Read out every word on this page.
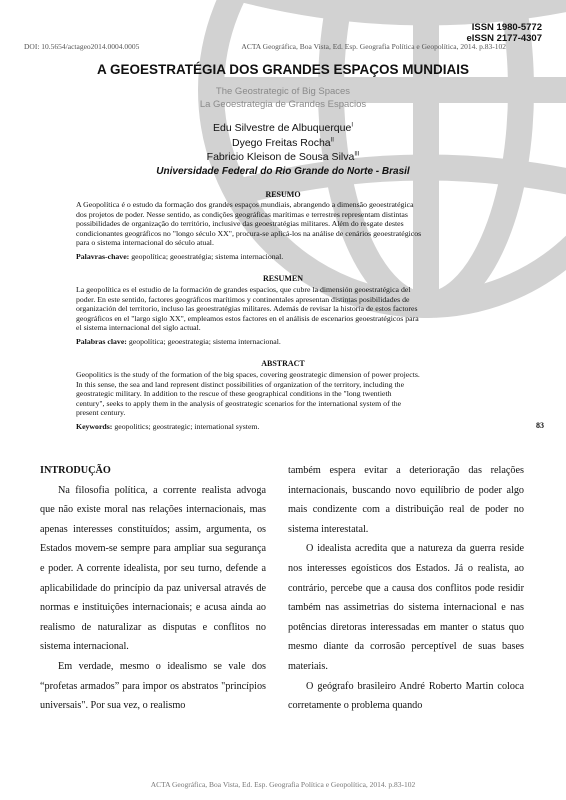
ISSN 1980-5772
eISSN 2177-4307
DOI: 10.5654/actageo2014.0004.0005	ACTA Geográfica, Boa Vista, Ed. Esp. Geografia Política e Geopolítica, 2014. p.83-102
A GEOESTRATÉGIA DOS GRANDES ESPAÇOS MUNDIAIS
The Geostrategic of Big Spaces
La Geoestrategia de Grandes Espacios
Edu Silvestre de Albuquerque$^I$
Dyego Freitas Rocha$^{II}$
Fabricio Kleison de Sousa Silva$^{III}$
Universidade Federal do Rio Grande do Norte - Brasil
RESUMO
A Geopolítica é o estudo da formação dos grandes espaços mundiais, abrangendo a dimensão geoestratégica
dos projetos de poder. Nesse sentido, as condições geográficas marítimas e terrestres representam distintas
possibilidades de organização do território, inclusive das geoestratégias militares. Além do resgate destes
condicionantes geográficos no "longo século XX", procura-se aplicá-los na análise de cenários geoestratégicos
para o sistema internacional do século atual.
Palavras-chave: geopolítica; geoestratégia; sistema internacional.
RESUMEN
La geopolítica es el estudio de la formación de grandes espacios, que cubre la dimensión geoestratégica del
poder. En este sentido, factores geográficos marítimos y continentales apresentan distintas posibilidades de
organización del territorio, incluso las geoestratégias militares. Además de revisar la historia de estos factores
geográficos en el "largo siglo XX", empleamos estos factores en el análisis de escenarios geoestratégicos para
el sistema internacional del siglo actual.
Palabras clave: geopolítica; geoestrategia; sistema internacional.
ABSTRACT
Geopolitics is the study of the formation of the big spaces, covering geostrategic dimension of power projects.
In this sense, the sea and land represent distinct possibilities of organization of the territory, including the
geostrategic military. In addition to the rescue of these geographical conditions in the "long twentieth
century", seeks to apply them in the analysis of geostrategic scenarios for the international system of the
present century.
Keywords: geopolitics; geostrategic; international system.	83
INTRODUÇÃO

Na filosofia política, a corrente realista advoga que não existe moral nas relações internacionais, mas apenas interesses constituídos; assim, argumenta, os Estados movem-se sempre para ampliar sua segurança e poder. A corrente idealista, por seu turno, defende a aplicabilidade do princípio da paz universal através de normas e instituições internacionais; e acusa ainda ao realismo de naturalizar as disputas e conflitos no sistema internacional.

Em verdade, mesmo o idealismo se vale dos “profetas armados” para impor os abstratos "princípios universais". Por sua vez, o realismo

também espera evitar a deterioração das relações internacionais, buscando novo equilíbrio de poder algo mais condizente com a distribuição real de poder no sistema interestatal.

O idealista acredita que a natureza da guerra reside nos interesses egoísticos dos Estados. Já o realista, ao contrário, percebe que a causa dos conflitos pode residir também nas assimetrias do sistema internacional e nas potências diretoras interessadas em manter o status quo mesmo diante da corrosão perceptível de suas bases materiais.

O geógrafo brasileiro André Roberto Martin coloca corretamente o problema quando

ACTA Geográfica, Boa Vista, Ed. Esp. Geografia Política e Geopolítica, 2014. p.83-102
